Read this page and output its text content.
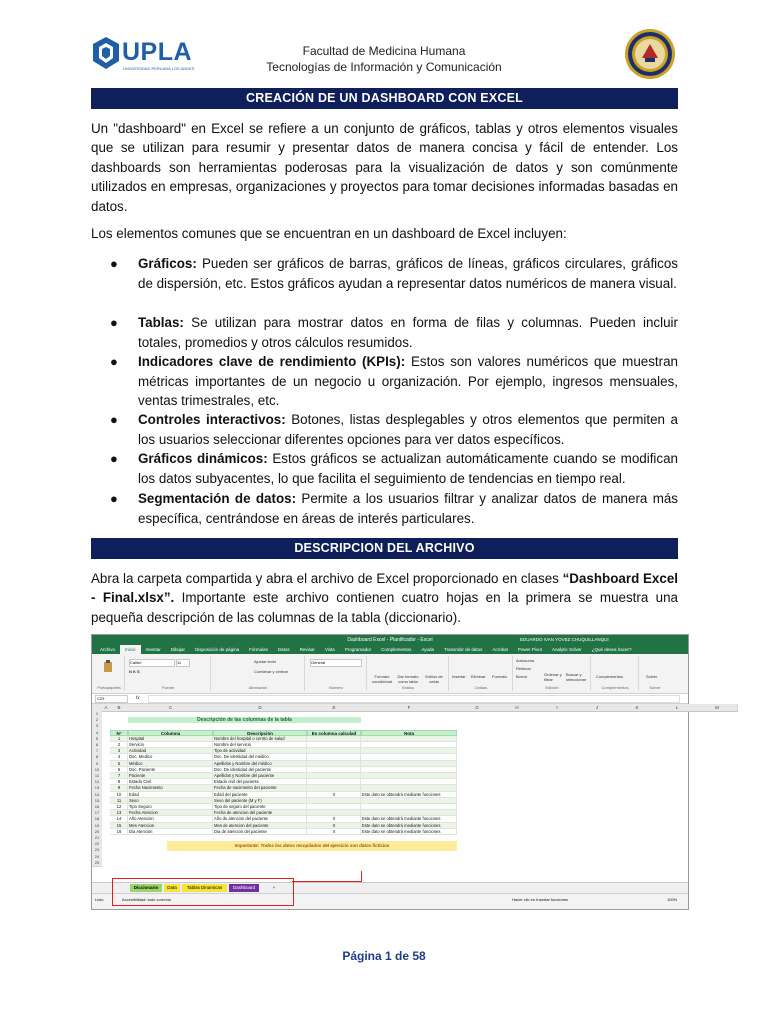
UPLA
UNIVERSIDAD PERUANA LOS ANDES
Facultad de Medicina Humana
Tecnologías de Información y Comunicación
CREACIÓN DE UN DASHBOARD CON EXCEL
Un "dashboard" en Excel se refiere a un conjunto de gráficos, tablas y otros elementos visuales que se utilizan para resumir y presentar datos de manera concisa y fácil de entender. Los dashboards son herramientas poderosas para la visualización de datos y son comúnmente utilizados en empresas, organizaciones y proyectos para tomar decisiones informadas basadas en datos.
Los elementos comunes que se encuentran en un dashboard de Excel incluyen:
● Gráficos: Pueden ser gráficos de barras, gráficos de líneas, gráficos circulares, gráficos de dispersión, etc. Estos gráficos ayudan a representar datos numéricos de manera visual.
● Tablas: Se utilizan para mostrar datos en forma de filas y columnas. Pueden incluir totales, promedios y otros cálculos resumidos.
● Indicadores clave de rendimiento (KPIs): Estos son valores numéricos que muestran métricas importantes de un negocio u organización. Por ejemplo, ingresos mensuales, ventas trimestrales, etc.
● Controles interactivos: Botones, listas desplegables y otros elementos que permiten a los usuarios seleccionar diferentes opciones para ver datos específicos.
● Gráficos dinámicos: Estos gráficos se actualizan automáticamente cuando se modifican los datos subyacentes, lo que facilita el seguimiento de tendencias en tiempo real.
● Segmentación de datos: Permite a los usuarios filtrar y analizar datos de manera más específica, centrándose en áreas de interés particulares.
DESCRIPCION DEL ARCHIVO
Abra la carpeta compartida y abra el archivo de Excel proporcionado en clases “Dashboard Excel - Final.xlsx”. Importante este archivo contienen cuatro hojas en la primera se muestra una pequeña descripción de las columnas de la tabla (diccionario).
Dashboard Excel - Planificador - Excel	EDUARDO IVAN YOVEZ CHUQUILLANQUI
Archivo	Inicio	Insertar	Dibujar	Disposición de página	Fórmulas	Datos	Revisar	Vista	Programador	Complementos	Ayuda	Transmitir de datos	Acrobat	Power Pivot	Analytic Solver	¿Qué desea hacer?
Portapapeles
Calibri	11
N K S
Fuente
Ajustar texto
Combinar y centrar
Alineación
General
Número
Formato condicional
Dar formato como tabla
Estilos de celda
Estilos
Insertar Eliminar Formato
Celdas
Autosuma
Rellenar
Borrar	Ordenar y filtrar
Buscar y seleccionar
Edición
Complementos
Complementos
Solver
Solver
C29	fx
Descripción de las columnas de la tabla
Importante: Todos los datos recopilados del ejercicio son datos ficticios
A	B	C	D	E	F	G	H	I	J	K	L	M
1
2
3
4
5
6
7
8
9
10
11
12
13
14
15
16
17
18
19
20
21
22
23
24
25
N°	Columna	Descripción	Es columna calculad	Nota
1	Hospital	Nombre del hospital o centro de salud
2	Servicio	Nombre del servicio
3	Actividad	Tipo de actividad
4	Doc. Medico	Doc. De identidad del médico
5	Médico	Apellidos y Nombre del médico
6	Doc. Paciente	Doc. De identidad del paciente
7	Paciente	Apellidos y Nombre del paciente
8	Estado Civil	Estado civil del paciente
9	Fecha Nacimiento	Fecha de nacimiento del paciente
10	Edad	Edad del paciente	X	Este dato se obtendrá mediante funciones
11	Sexo	Sexo del paciente (M y F)
12	Tipo Seguro	Tipo de seguro del paciente
13	Fecha Atencion	Fecha de atencion del paciente
14	Año Atencion	Año de atencion del paciente	X	Este dato se obtendrá mediante funciones
15	Mes Atencion	Mes de atencion del paciente	X	Este dato se obtendrá mediante funciones
16	Dia Atencion	Dia de atencion del paciente	X	Este dato se obtendrá mediante funciones
Diccionario	Data	Tablas Dinamicas	Dashboard	+
Listo	Accesibilidad: todo correcto	Hacer clic en Insertar funciones	100%
Página 1 de 58
